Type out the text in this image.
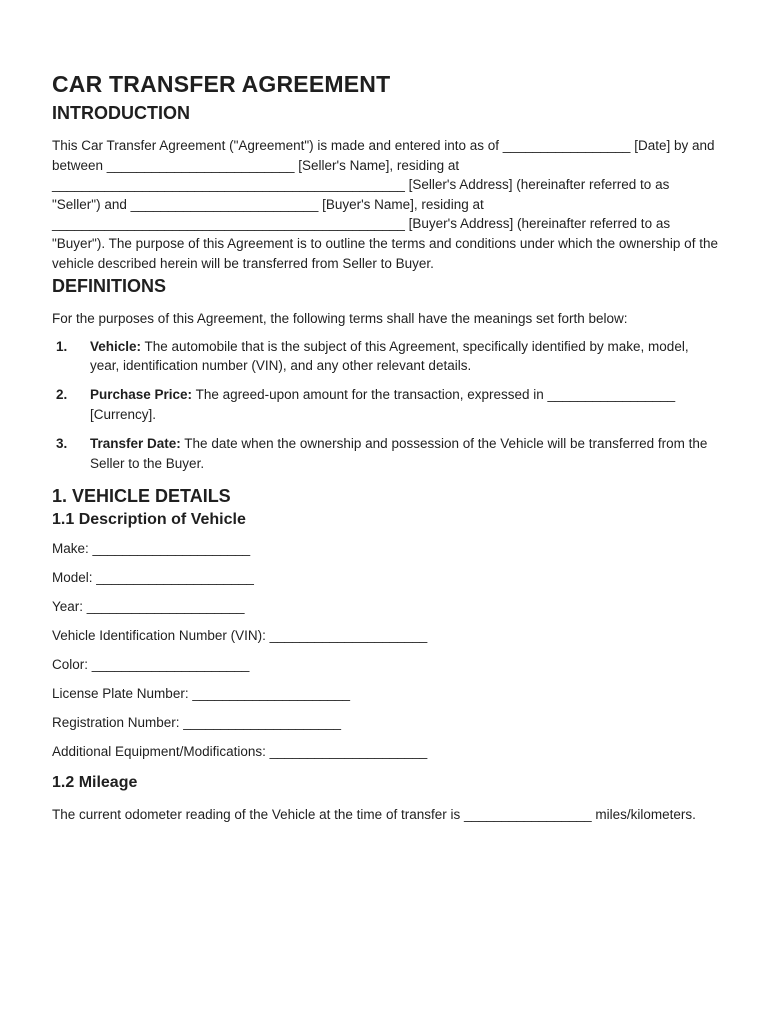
CAR TRANSFER AGREEMENT
INTRODUCTION

This Car Transfer Agreement ("Agreement") is made and entered into as of _________________ [Date] by and between _________________________ [Seller's Name], residing at _______________________________________________ [Seller's Address] (hereinafter referred to as "Seller") and _________________________ [Buyer's Name], residing at _______________________________________________ [Buyer's Address] (hereinafter referred to as "Buyer"). The purpose of this Agreement is to outline the terms and conditions under which the ownership of the vehicle described herein will be transferred from Seller to Buyer.

DEFINITIONS

For the purposes of this Agreement, the following terms shall have the meanings set forth below:

1. Vehicle: The automobile that is the subject of this Agreement, specifically identified by make, model, year, identification number (VIN), and any other relevant details.
2. Purchase Price: The agreed-upon amount for the transaction, expressed in _________________ [Currency].
3. Transfer Date: The date when the ownership and possession of the Vehicle will be transferred from the Seller to the Buyer.
1. VEHICLE DETAILS
1.1 Description of Vehicle
Make: _____________________
Model: _____________________
Year: _____________________
Vehicle Identification Number (VIN): _____________________
Color: _____________________
License Plate Number: _____________________
Registration Number: _____________________
Additional Equipment/Modifications: _____________________
1.2 Mileage

The current odometer reading of the Vehicle at the time of transfer is _________________ miles/kilometers.
